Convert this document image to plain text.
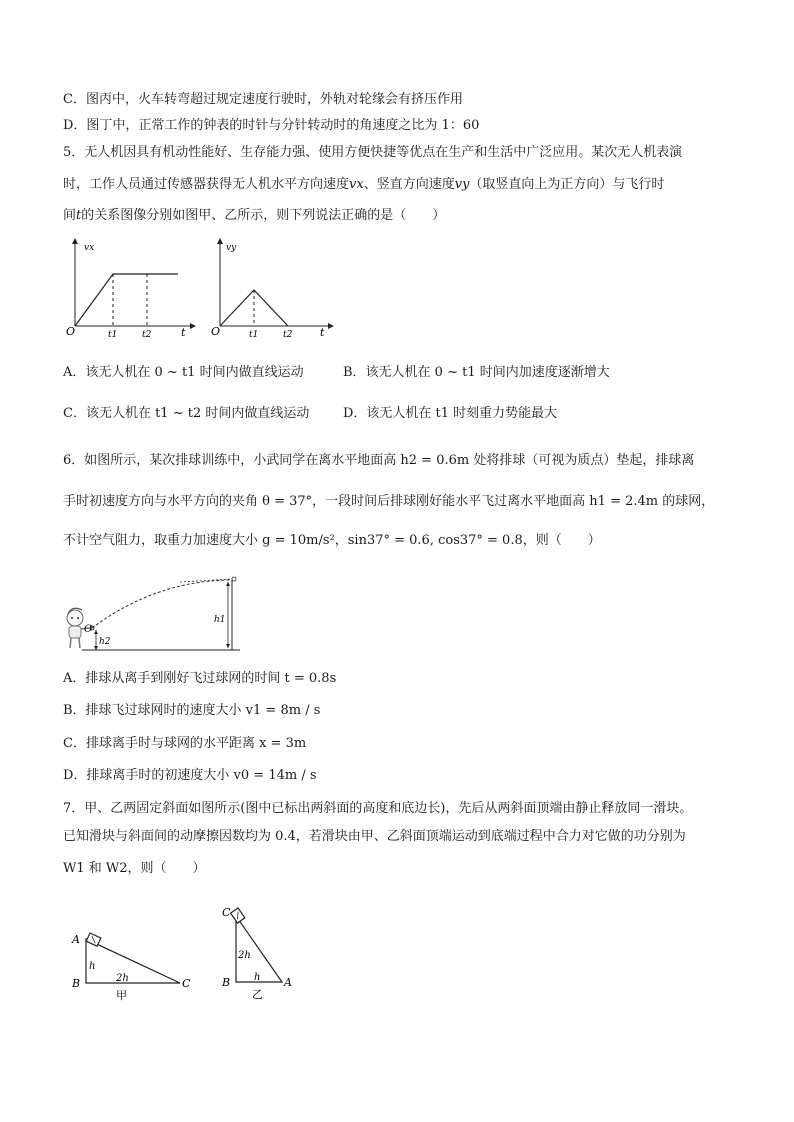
C．图丙中，火车转弯超过规定速度行驶时，外轨对轮缘会有挤压作用
D．图丁中，正常工作的钟表的时针与分针转动时的角速度之比为 1：60
5．无人机因具有机动性能好、生存能力强、使用方便快捷等优点在生产和生活中广泛应用。某次无人机表演
时，工作人员通过传感器获得无人机水平方向速度vx、竖直方向速度vy（取竖直向上为正方向）与飞行时
间t的关系图像分别如图甲、乙所示，则下列说法正确的是（　　）
vx
O	t1	t2	t
vy
O	t1	t2	t
A．该无人机在 0 ~ t1 时间内做直线运动	B．该无人机在 0 ~ t1 时间内加速度逐渐增大
C．该无人机在 t1 ~ t2 时间内做直线运动	D．该无人机在 t1 时刻重力势能最大
6．如图所示，某次排球训练中，小武同学在离水平地面高 h2 = 0.6m 处将排球（可视为质点）垫起，排球离
手时初速度方向与水平方向的夹角 θ = 37°，一段时间后排球刚好能水平飞过离水平地面高 h1 = 2.4m 的球网，
不计空气阻力，取重力加速度大小 g = 10m/s²，sin37° = 0.6, cos37° = 0.8，则（　　）
O
h2
h1
A．排球从离手到刚好飞过球网的时间 t = 0.8s
B．排球飞过球网时的速度大小 v1 = 8m / s
C．排球离手时与球网的水平距离 x = 3m
D．排球离手时的初速度大小 v0 = 14m / s
7．甲、乙两固定斜面如图所示(图中已标出两斜面的高度和底边长)，先后从两斜面顶端由静止释放同一滑块。
已知滑块与斜面间的动摩擦因数均为 0.4，若滑块由甲、乙斜面顶端运动到底端过程中合力对它做的功分别为
W1 和 W2，则（　　）
A
B	C
h
2h
甲
C
B	A
2h
h
乙
